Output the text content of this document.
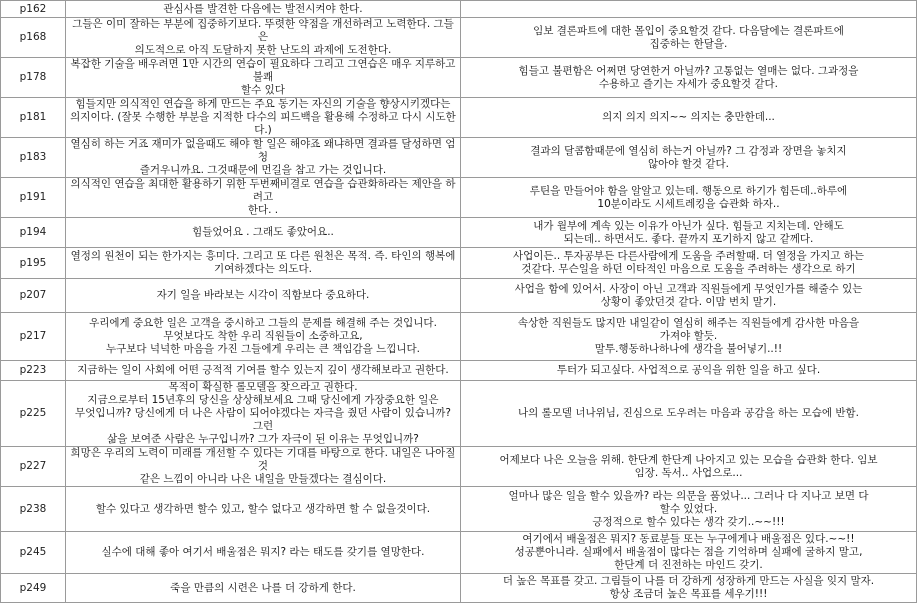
p162	관심사를 발견한 다음에는 발전시켜야 한다.	

p168	그들은 이미 잘하는 부분에 집중하기보다. 뚜렷한 약점을 개선하려고 노력한다. 그들은
의도적으로 아직 도달하지 못한 난도의 과제에 도전한다.	임보 결론파트에 대한 몰입이 중요할것 같다. 다음달에는 결론파트에
집중하는 한달을.

p178	복잡한 기술을 배우려면 1만 시간의 연습이 필요하다 그리고 그연습은 매우 지루하고 불쾌
할수 있다	힘들고 불편함은 어쩌면 당연한거 아닐까? 고통없는 열매는 없다. 그과정을
수용하고 즐기는 자세가 중요할것 같다.

p181	힘들지만 의식적인 연습을 하게 만드는 주요 동기는 자신의 기술을 향상시키겠다는
의지이다. (잘못 수행한 부분을 지적한 다수의 피드백을 활용해 수정하고 다시 시도한다.)	의지 의지 의지~~ 의지는 충만한데...

p183	열심히 하는 거죠 재미가 없을때도 해야 할 일은 해야죠 왜냐하면 결과를 달성하면 엄청
즐거우니까요. 그것때문에 먼길을 참고 가는 것입니다.	결과의 달콤함때문에 열심히 하는거 아닐까? 그 감정과 장면을 놓치지
않아야 할것 같다.

p191	의식적인 연습을 최대한 활용하기 위한 두번째비결로 연습을 습관화하라는 제안을 하려고
한다. .	루틴을 만들어야 함을 알알고 있는데. 행동으로 하기가 힘든데..하루에
10분이라도 시세트레킹을 습관화 하자..

p194	힘들었어요 . 그래도 좋았어요..	내가 월부에 계속 있는 이유가 아닌가 싶다. 힘들고 지치는데. 안해도
되는데.. 하면서도. 좋다. 끝까지 포기하지 않고 같께다.

p195	열정의 원천이 되는 한가지는 흥미다. 그리고 또 다른 원천은 목적. 즉. 타인의 행복에
기여하겠다는 의도다.	사업이든.. 투자공부든 다른사람에게 도움을 주려할때. 더 열정을 가지고 하는
것같다. 무슨일을 하던 이타적인 마음으로 도움을 주려하는 생각으로 하기

p207	자기 일을 바라보는 시각이 직함보다 중요하다.	사업을 함에 있어서. 사장이 아닌 고객과 직원들에게 무엇인가를 해줄수 있는
상황이 좋았던것 같다. 이맘 번치 말기.

p217	우리에게 중요한 일은 고객을 중시하고 그들의 문제를 해결해 주는 것입니다.
무엇보다도 착한 우리 직원들이 소중하고요,
누구보다 넉넉한 마음을 가진 그들에게 우리는 큰 책임감을 느낍니다.	속상한 직원들도 많지만 내일같이 열심히 해주는 직원들에게 감사한 마음을
가져야 할듯.
말투.행동하나하나에 생각을 불어넣기..!!

p223	지금하는 일이 사회에 어떤 긍적적 기여를 할수 있는지 깊이 생각해보라고 권한다.	투터가 되고싶다. 사업적으로 공익을 위한 일을 하고 싶다.

p225	목적이 확실한 롤모델을 찾으라고 권한다.
지금으로부터 15년후의 당신을 상상해보세요 그때 당신에게 가장중요한 일은
무엇입니까? 당신에게 더 나은 사람이 되어야겠다는 자극을 줬던 사람이 있습니까? 그런
삶을 보여준 사람은 누구입니까? 그가 자극이 된 이유는 무엇입니까?	나의 롤모델 너나위님, 진심으로 도우려는 마음과 공감을 하는 모습에 반함.

p227	희망은 우리의 노력이 미래를 개선할 수 있다는 기대를 바탕으로 한다. 내일은 나아질것
같은 느낌이 아니라 나은 내일을 만들겠다는 결심이다.	어제보다 나은 오늘을 위해. 한단계 한단계 나아지고 있는 모습을 습관화 한다. 임보
임장. 독서.. 사업으로...

p238	할수 있다고 생각하면 할수 있고, 할수 없다고 생각하면 할 수 없을것이다.	얼마나 많은 일을 할수 있을까? 라는 의문을 품었나... 그러나 다 지나고 보면 다
할수 있었다.
긍정적으로 할수 있다는 생각 갖기..~~!!!

p245	실수에 대해 좋아 여기서 배울점은 뭐지? 라는 태도를 갖기를 열망한다.	여기에서 배울점은 뭐지? 동료분들 또는 누구에게나 배울점은 있다.~~!!
성공뿐아니라. 실패에서 배울점이 많다는 점을 기억하며 실패에 굴하지 말고,
한단계 더 진전하는 마인드 갖기.

p249	죽을 만큼의 시련은 나를 더 강하게 한다.	더 높은 목표를 갖고. 그림들이 나를 더 강하게 성장하게 만드는 사실을 잊지 말자.
항상 조금더 높은 목표를 세우기!!!
